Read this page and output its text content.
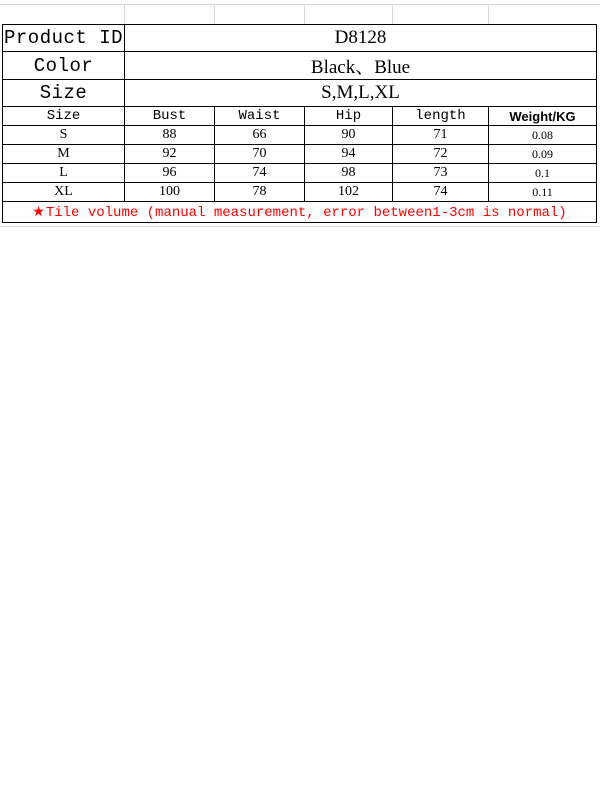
Product ID	D8128				
Color	Black、Blue				
Size	S,M,L,XL				
Size	Bust	Waist	Hip	length	Weight/KG
S	88	66	90	71	0.08
M	92	70	94	72	0.09
L	96	74	98	73	0.1
XL	100	78	102	74	0.11
★Tile volume (manual measurement, error between1-3cm is normal)					
